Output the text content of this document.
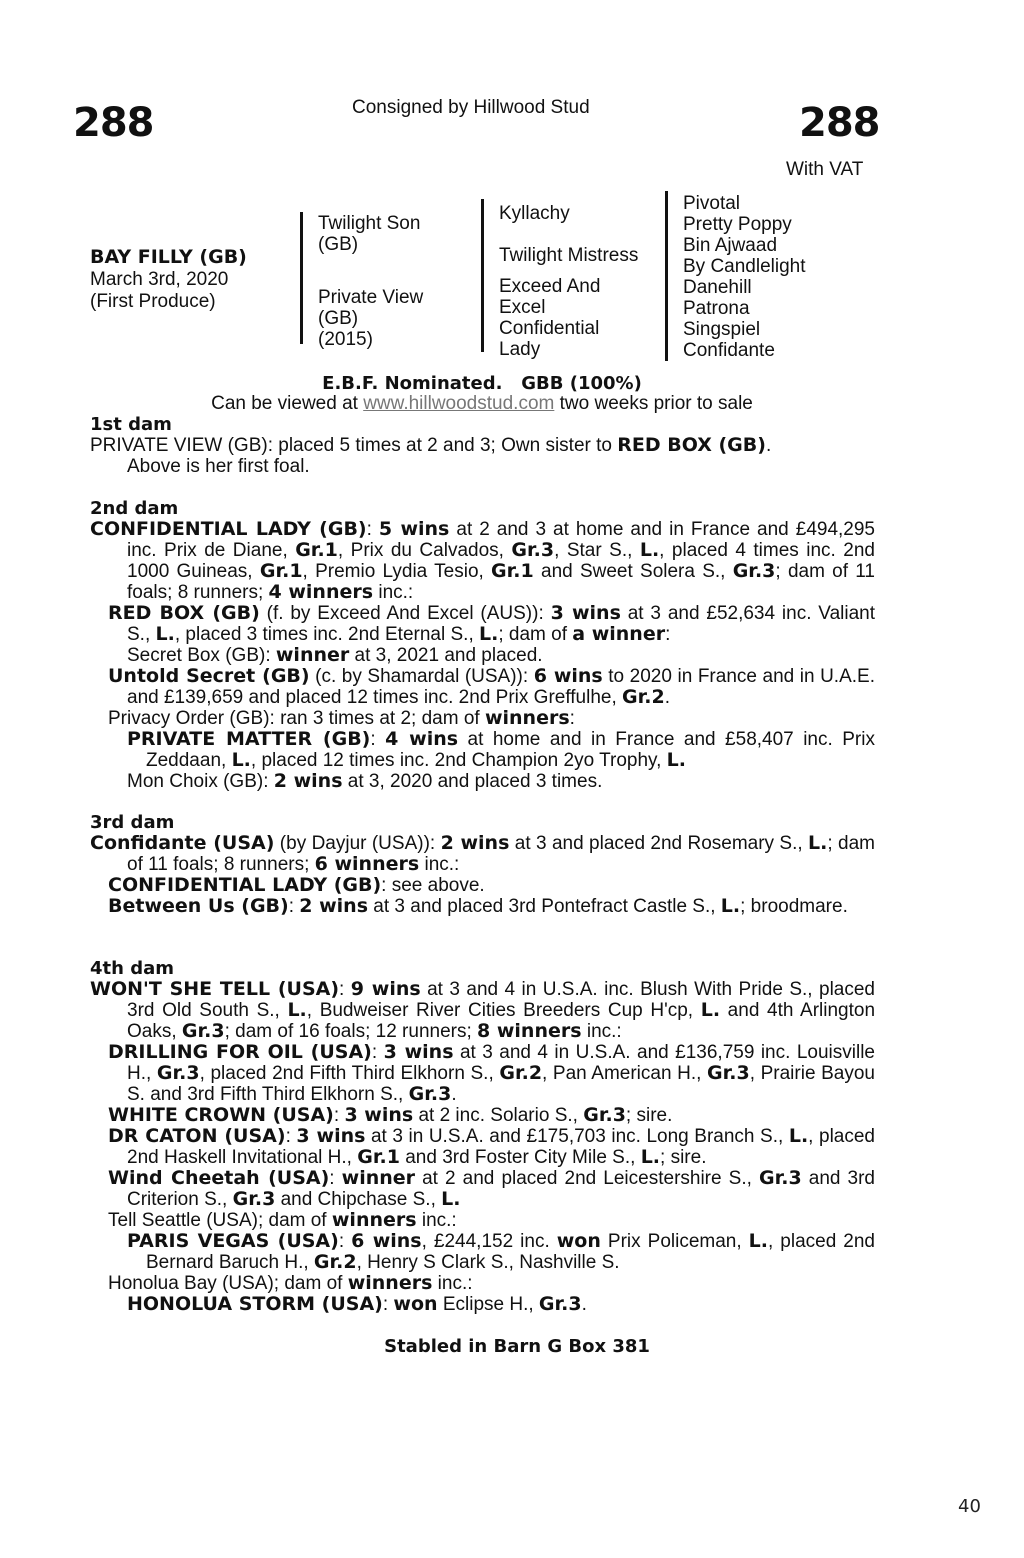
288	Consigned by Hillwood Stud	288
With VAT
BAY FILLY (GB)
March 3rd, 2020
(First Produce)
Twilight Son
(GB)
Private View
(GB)
(2015)
Kyllachy
Twilight Mistress
Exceed And
Excel
Confidential
Lady
Pivotal
Pretty Poppy
Bin Ajwaad
By Candlelight
Danehill
Patrona
Singspiel
Confidante
E.B.F. Nominated.   GBB (100%)
Can be viewed at www.hillwoodstud.com two weeks prior to sale
1st dam

PRIVATE VIEW (GB): placed 5 times at 2 and 3; Own sister to RED BOX (GB).

Above is her first foal.

2nd dam

CONFIDENTIAL LADY (GB): 5 wins at 2 and 3 at home and in France and £494,295 inc. Prix de Diane, Gr.1, Prix du Calvados, Gr.3, Star S., L., placed 4 times inc. 2nd 1000 Guineas, Gr.1, Premio Lydia Tesio, Gr.1 and Sweet Solera S., Gr.3; dam of 11 foals; 8 runners; 4 winners inc.:

RED BOX (GB) (f. by Exceed And Excel (AUS)): 3 wins at 3 and £52,634 inc. Valiant S., L., placed 3 times inc. 2nd Eternal S., L.; dam of a winner:

Secret Box (GB): winner at 3, 2021 and placed.

Untold Secret (GB) (c. by Shamardal (USA)): 6 wins to 2020 in France and in U.A.E. and £139,659 and placed 12 times inc. 2nd Prix Greffulhe, Gr.2.

Privacy Order (GB): ran 3 times at 2; dam of winners:

PRIVATE MATTER (GB): 4 wins at home and in France and £58,407 inc. Prix Zeddaan, L., placed 12 times inc. 2nd Champion 2yo Trophy, L.

Mon Choix (GB): 2 wins at 3, 2020 and placed 3 times.

3rd dam

Confidante (USA) (by Dayjur (USA)): 2 wins at 3 and placed 2nd Rosemary S., L.; dam of 11 foals; 8 runners; 6 winners inc.:

CONFIDENTIAL LADY (GB): see above.

Between Us (GB): 2 wins at 3 and placed 3rd Pontefract Castle S., L.; broodmare.

4th dam

WON'T SHE TELL (USA): 9 wins at 3 and 4 in U.S.A. inc. Blush With Pride S., placed 3rd Old South S., L., Budweiser River Cities Breeders Cup H'cp, L. and 4th Arlington Oaks, Gr.3; dam of 16 foals; 12 runners; 8 winners inc.:

DRILLING FOR OIL (USA): 3 wins at 3 and 4 in U.S.A. and £136,759 inc. Louisville H., Gr.3, placed 2nd Fifth Third Elkhorn S., Gr.2, Pan American H., Gr.3, Prairie Bayou S. and 3rd Fifth Third Elkhorn S., Gr.3.

WHITE CROWN (USA): 3 wins at 2 inc. Solario S., Gr.3; sire.

DR CATON (USA): 3 wins at 3 in U.S.A. and £175,703 inc. Long Branch S., L., placed 2nd Haskell Invitational H., Gr.1 and 3rd Foster City Mile S., L.; sire.

Wind Cheetah (USA): winner at 2 and placed 2nd Leicestershire S., Gr.3 and 3rd Criterion S., Gr.3 and Chipchase S., L.

Tell Seattle (USA); dam of winners inc.:

PARIS VEGAS (USA): 6 wins, £244,152 inc. won Prix Policeman, L., placed 2nd Bernard Baruch H., Gr.2, Henry S Clark S., Nashville S.

Honolua Bay (USA); dam of winners inc.:

HONOLUA STORM (USA): won Eclipse H., Gr.3.

Stabled in Barn G Box 381
40
